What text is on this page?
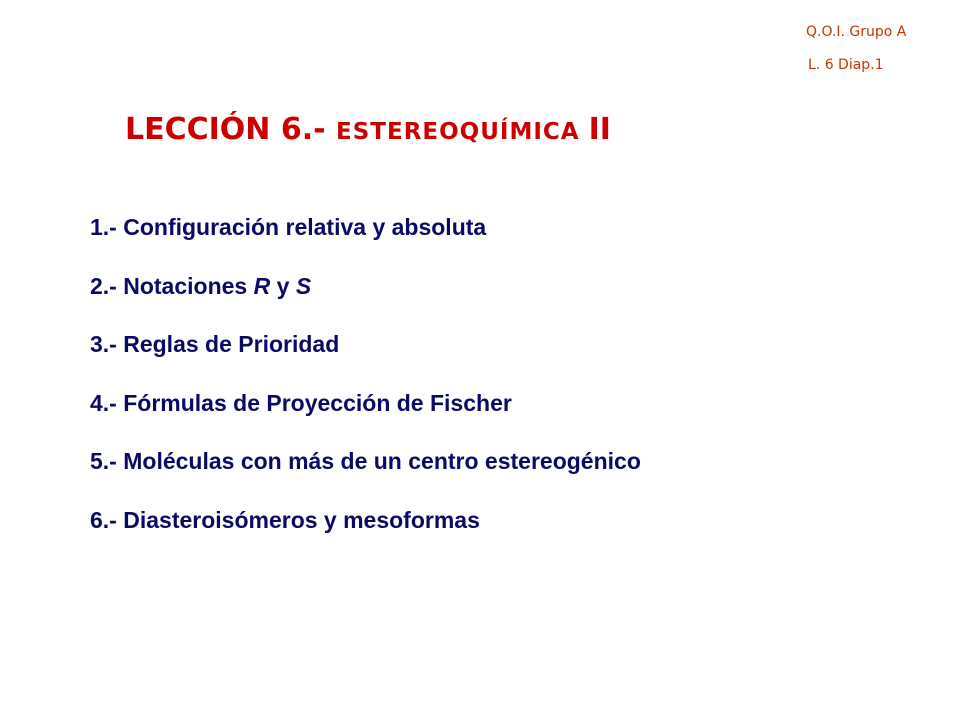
Q.O.I. Grupo A
L. 6 Diap.1
LECCIÓN 6.- ESTEREOQUÍMICA II
1.- Configuración relativa y absoluta
2.- Notaciones R y S
3.- Reglas de Prioridad
4.- Fórmulas de Proyección de Fischer
5.- Moléculas con más de un centro estereogénico
6.- Diasteroisómeros y mesoformas
